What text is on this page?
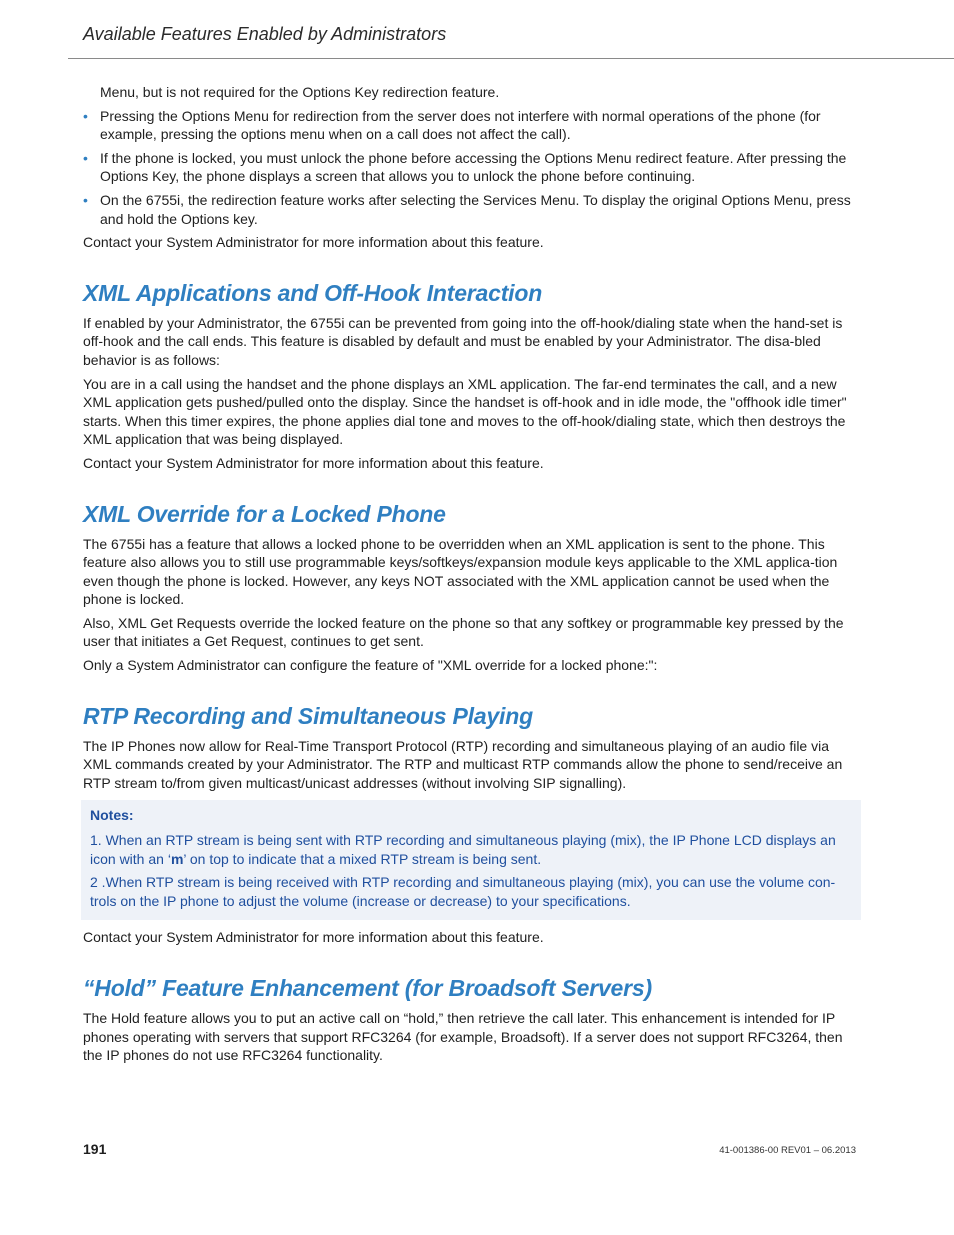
Available Features Enabled by Administrators

Menu, but is not required for the Options Key redirection feature.

• Pressing the Options Menu for redirection from the server does not interfere with normal operations of the phone (for example, pressing the options menu when on a call does not affect the call).
• If the phone is locked, you must unlock the phone before accessing the Options Menu redirect feature. After pressing the Options Key, the phone displays a screen that allows you to unlock the phone before continuing.
• On the 6755i, the redirection feature works after selecting the Services Menu. To display the original Options Menu, press and hold the Options key.

Contact your System Administrator for more information about this feature.

XML Applications and Off-Hook Interaction

If enabled by your Administrator, the 6755i can be prevented from going into the off-hook/dialing state when the hand-set is off-hook and the call ends. This feature is disabled by default and must be enabled by your Administrator. The disa-bled behavior is as follows:

You are in a call using the handset and the phone displays an XML application. The far-end terminates the call, and a new XML application gets pushed/pulled onto the display. Since the handset is off-hook and in idle mode, the "offhook idle timer" starts. When this timer expires, the phone applies dial tone and moves to the off-hook/dialing state, which then destroys the XML application that was being displayed.

Contact your System Administrator for more information about this feature.

XML Override for a Locked Phone

The 6755i has a feature that allows a locked phone to be overridden when an XML application is sent to the phone. This feature also allows you to still use programmable keys/softkeys/expansion module keys applicable to the XML applica-tion even though the phone is locked. However, any keys NOT associated with the XML application cannot be used when the phone is locked.

Also, XML Get Requests override the locked feature on the phone so that any softkey or programmable key pressed by the user that initiates a Get Request, continues to get sent.

Only a System Administrator can configure the feature of "XML override for a locked phone:":

RTP Recording and Simultaneous Playing

The IP Phones now allow for Real-Time Transport Protocol (RTP) recording and simultaneous playing of an audio file via XML commands created by your Administrator. The RTP and multicast RTP commands allow the phone to send/receive an RTP stream to/from given multicast/unicast addresses (without involving SIP signalling).

Notes:

1. When an RTP stream is being sent with RTP recording and simultaneous playing (mix), the IP Phone LCD displays an icon with an ‘m’ on top to indicate that a mixed RTP stream is being sent.

2 .When RTP stream is being received with RTP recording and simultaneous playing (mix), you can use the volume con-trols on the IP phone to adjust the volume (increase or decrease) to your specifications.

Contact your System Administrator for more information about this feature.

“Hold” Feature Enhancement (for Broadsoft Servers)

The Hold feature allows you to put an active call on “hold,” then retrieve the call later. This enhancement is intended for IP phones operating with servers that support RFC3264 (for example, Broadsoft). If a server does not support RFC3264, then the IP phones do not use RFC3264 functionality.

191	41-001386-00 REV01 – 06.2013
